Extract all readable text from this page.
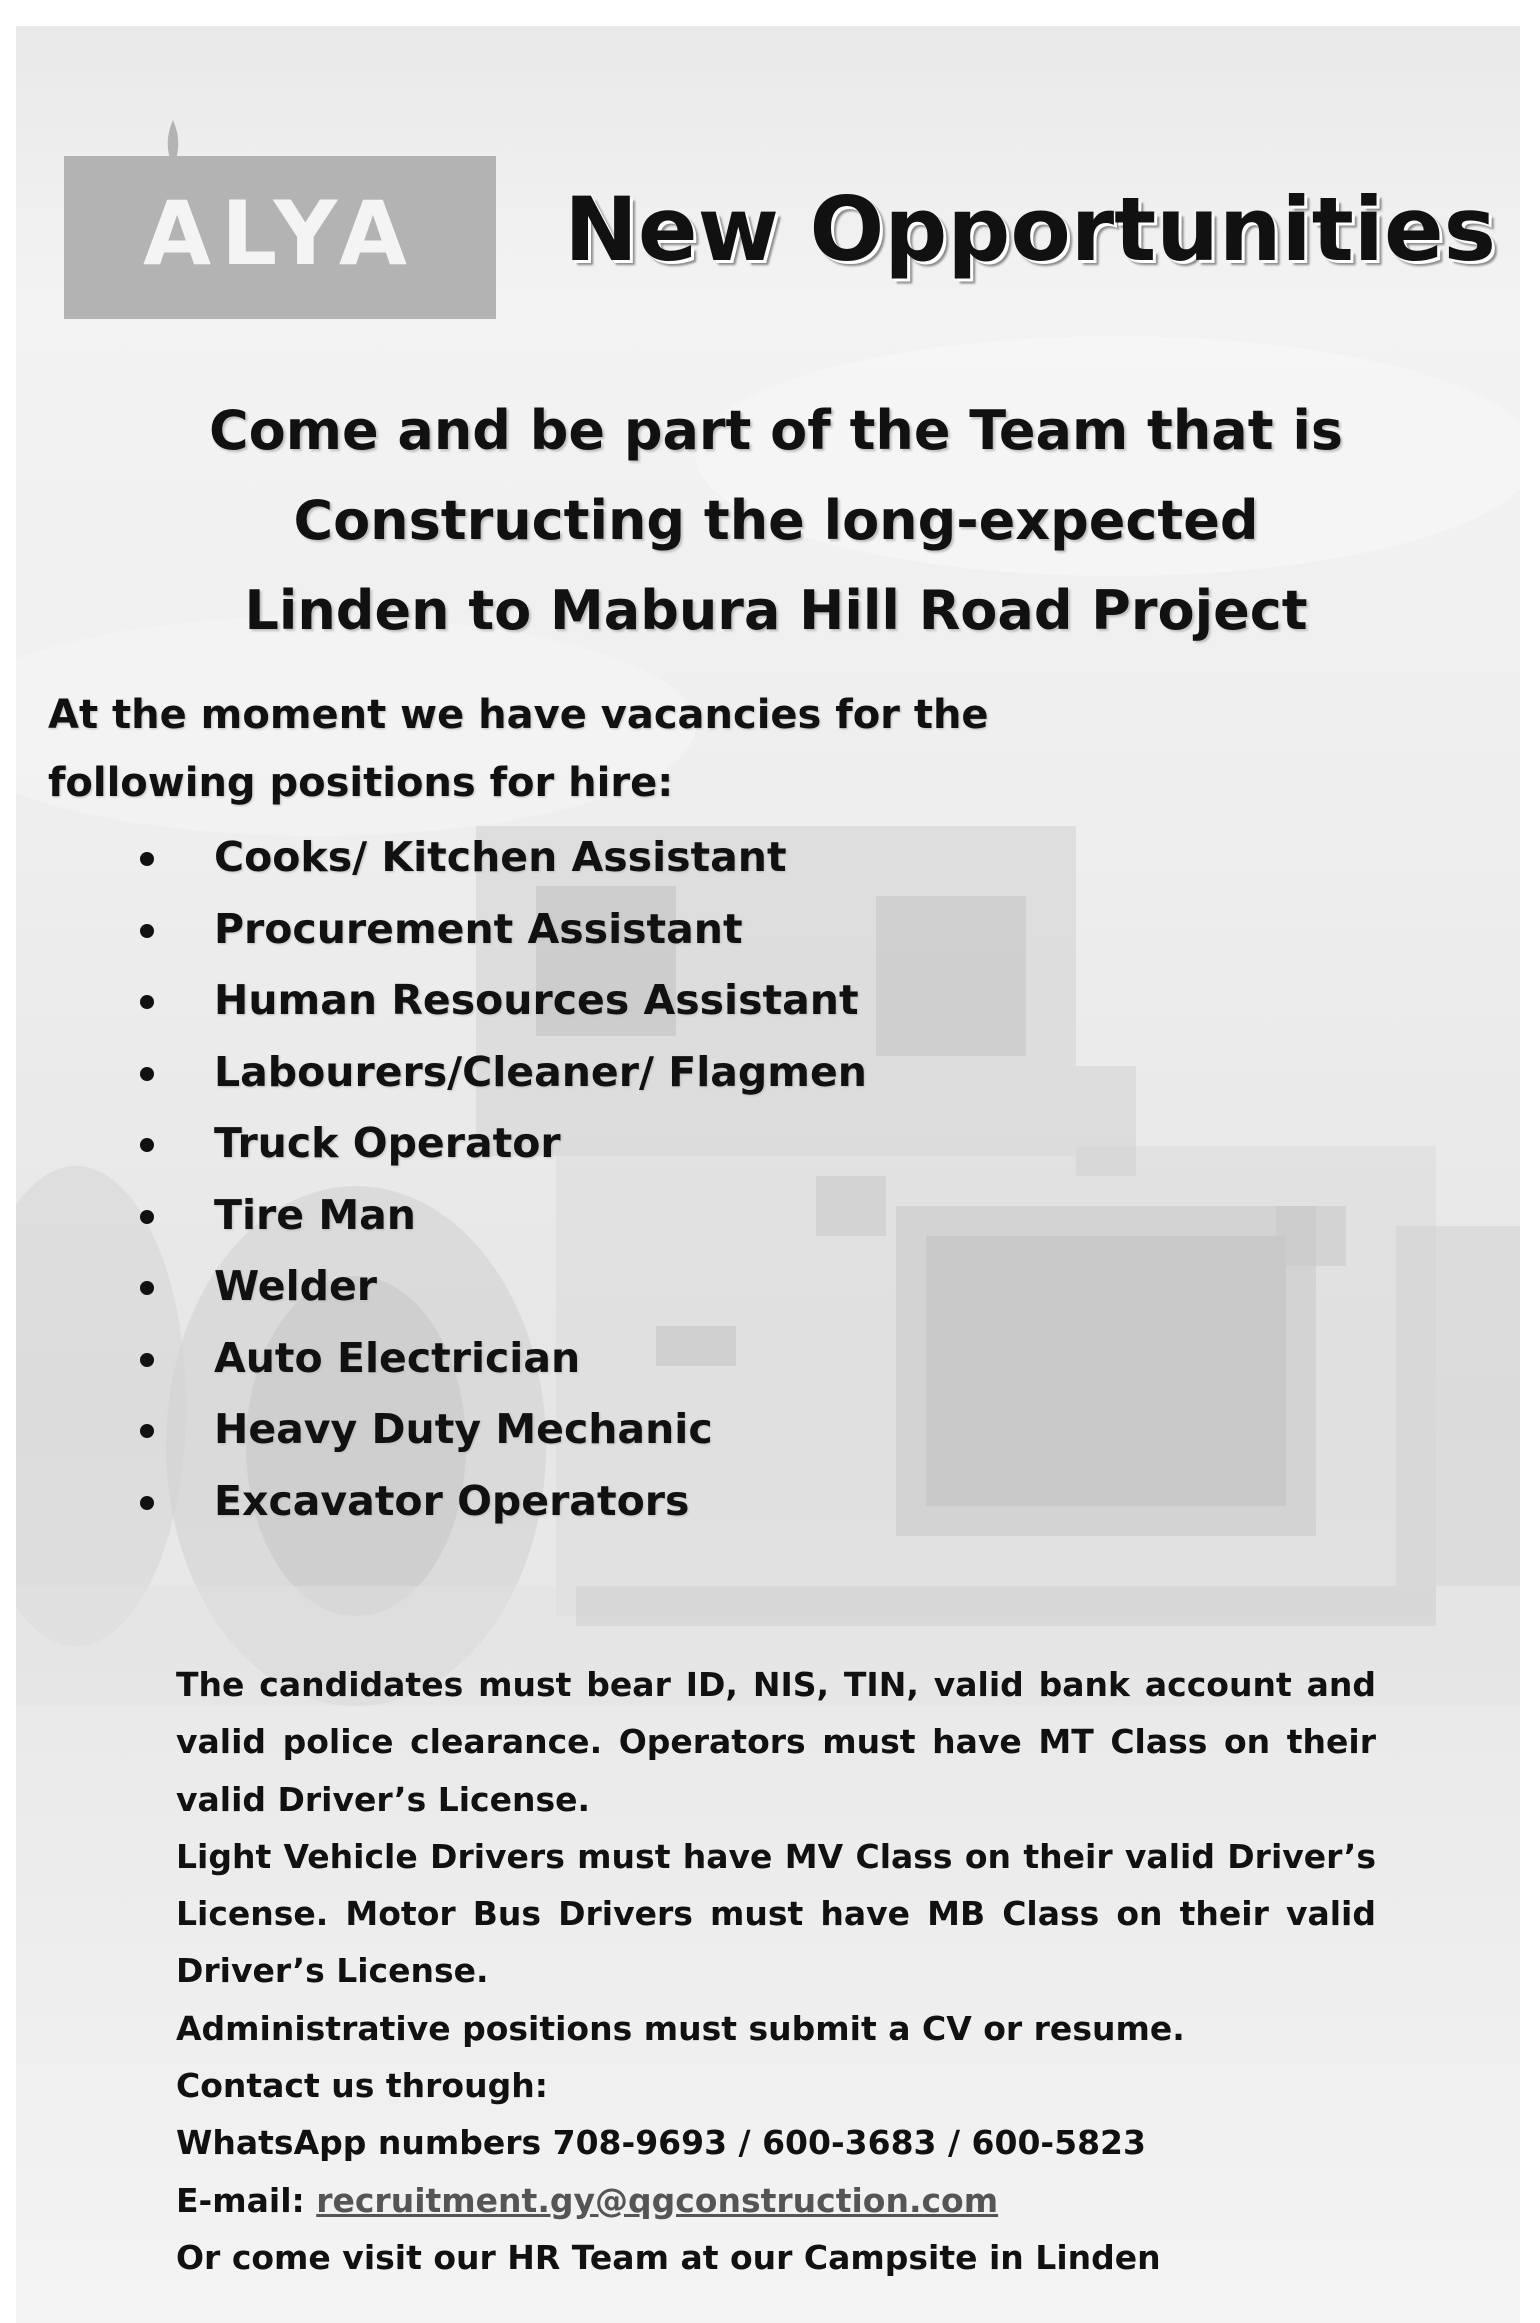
ALYA	New Opportunities
Come and be part of the Team that is
Constructing the long-expected
Linden to Mabura Hill Road Project
At the moment we have vacancies for the
following positions for hire:
Cooks/ Kitchen Assistant
Procurement Assistant
Human Resources Assistant
Labourers/Cleaner/ Flagmen
Truck Operator
Tire Man
Welder
Auto Electrician
Heavy Duty Mechanic
Excavator Operators
The candidates must bear ID, NIS, TIN, valid bank account and valid police clearance. Operators must have MT Class on their valid Driver’s License.
Light Vehicle Drivers must have MV Class on their valid Driver’s License. Motor Bus Drivers must have MB Class on their valid Driver’s License.
Administrative positions must submit a CV or resume.
Contact us through:
WhatsApp numbers 708-9693 / 600-3683 / 600-5823
E-mail: recruitment.gy@qgconstruction.com
Or come visit our HR Team at our Campsite in Linden
